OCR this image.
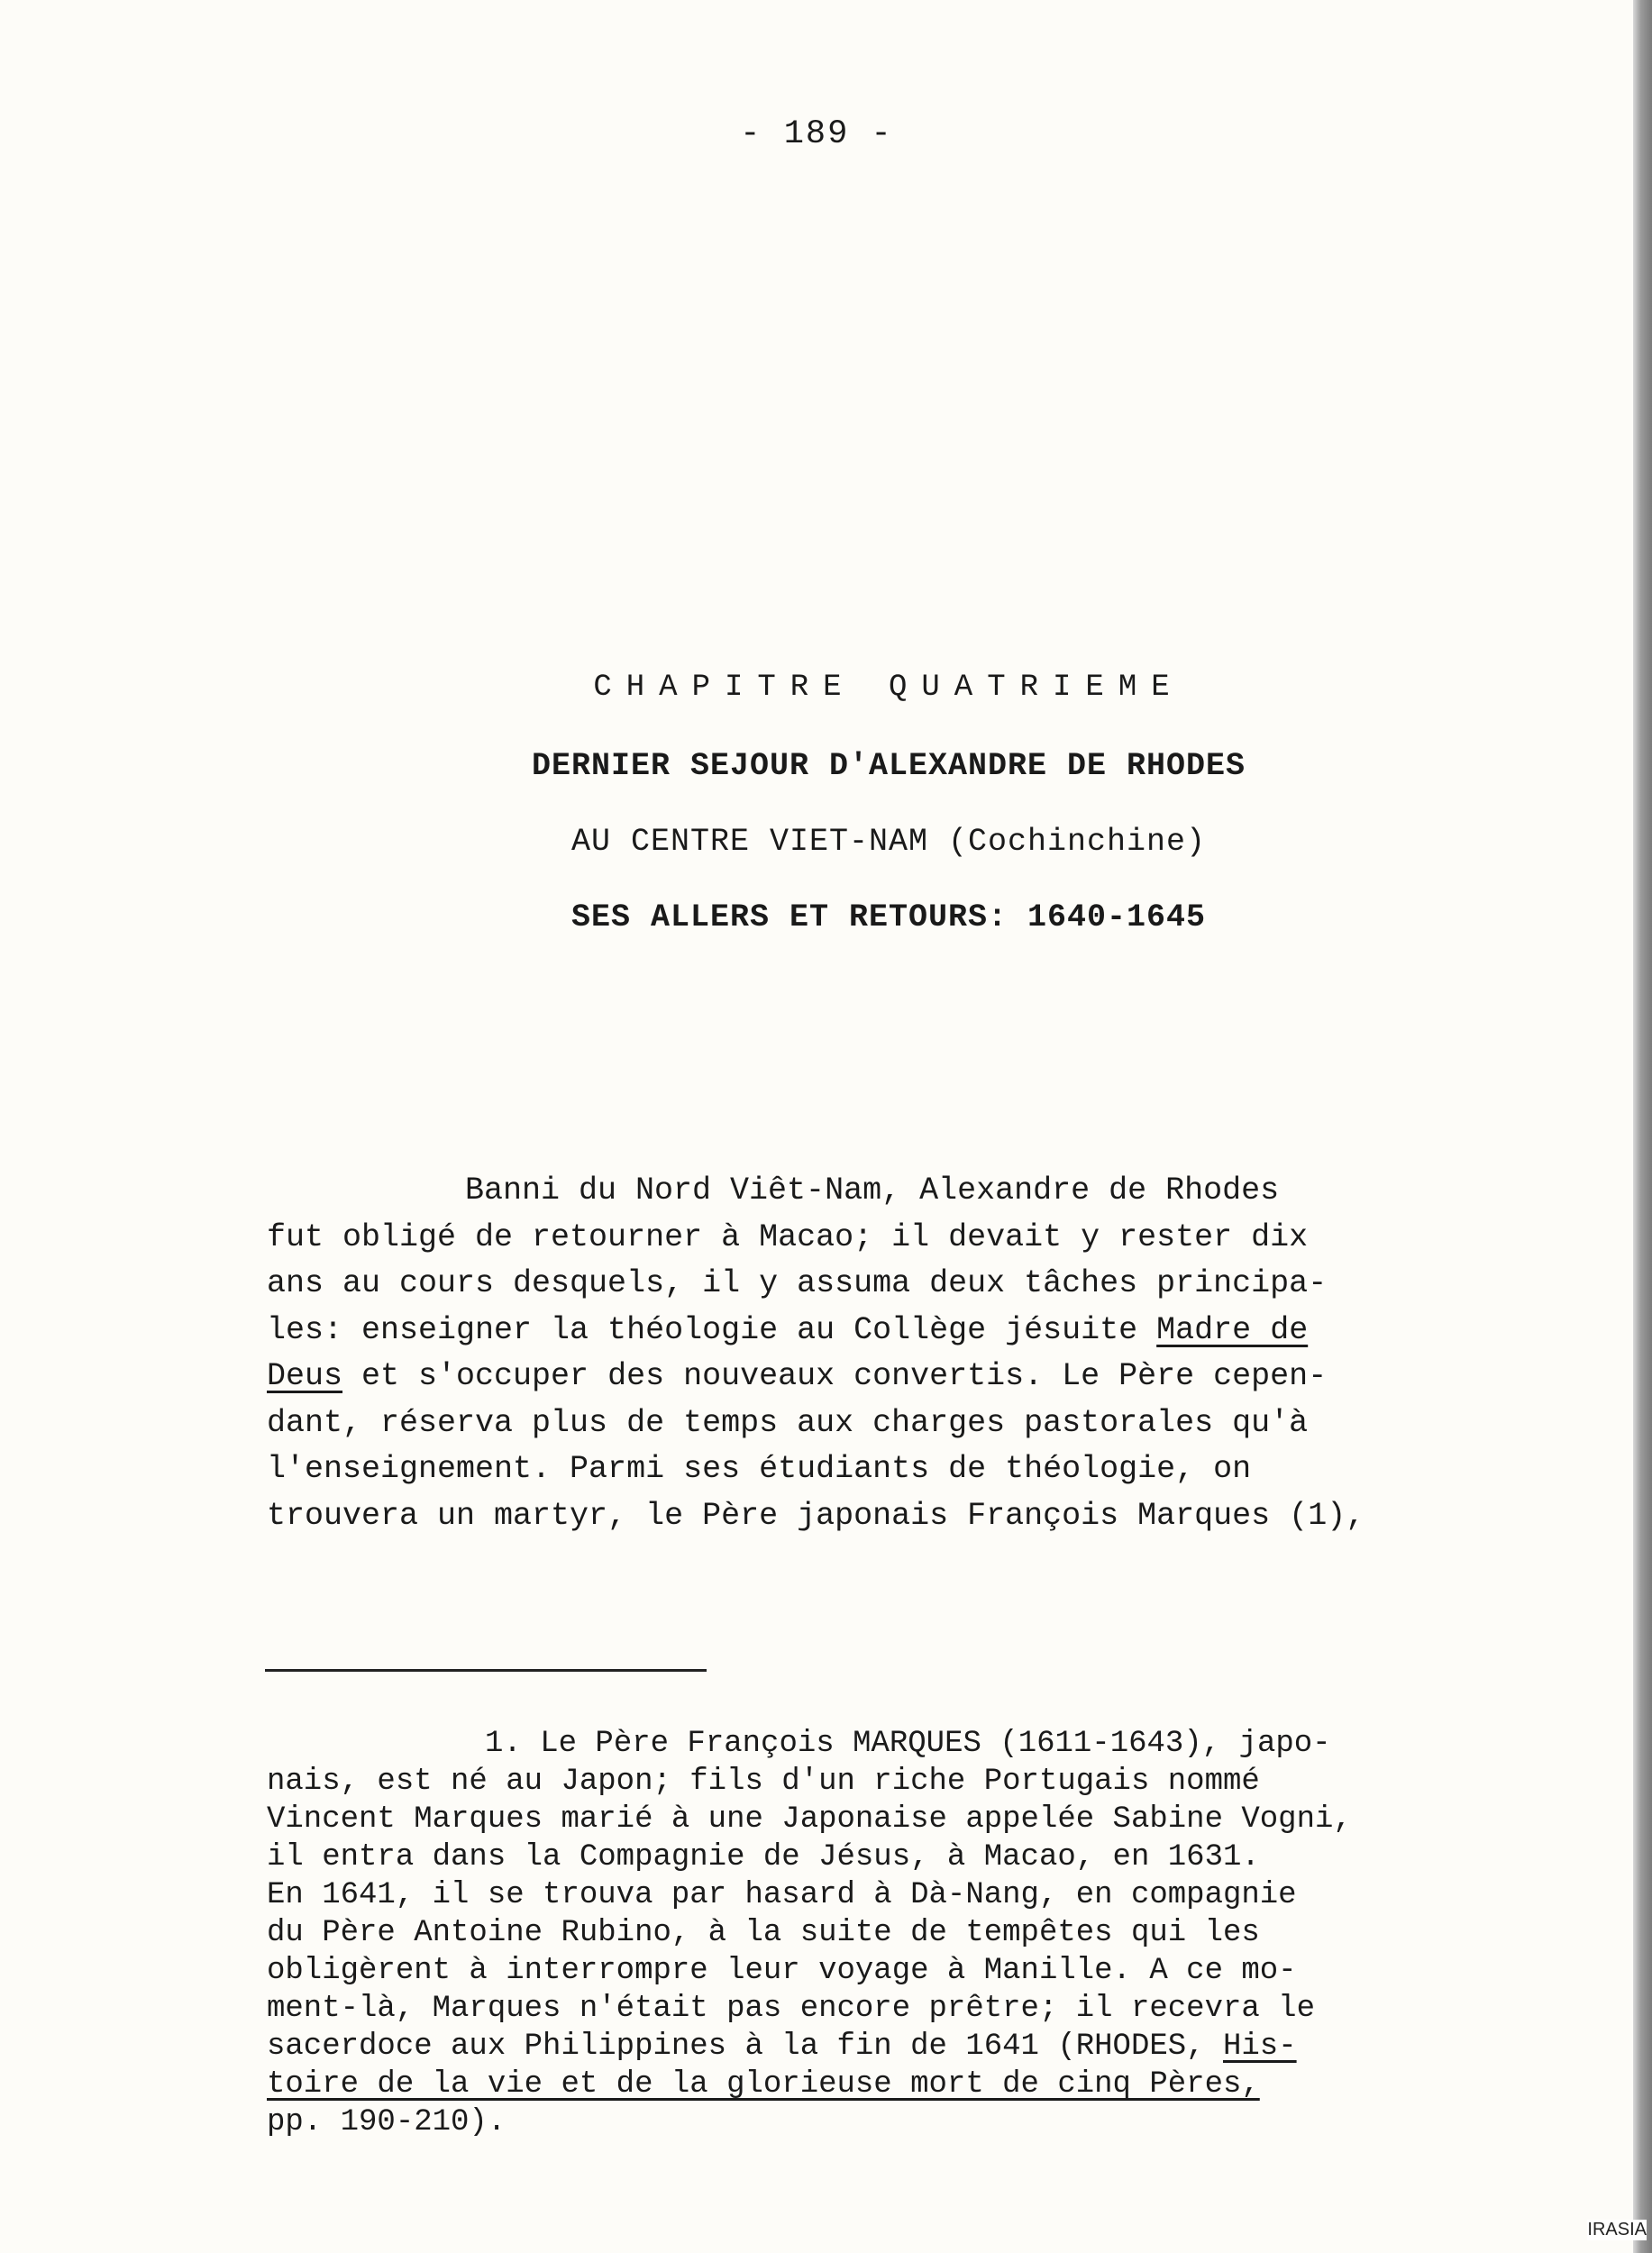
- 189 -
CHAPITRE QUATRIEME
DERNIER SEJOUR D'ALEXANDRE DE RHODES
AU CENTRE VIET-NAM (Cochinchine)
SES ALLERS ET RETOURS: 1640-1645
Banni du Nord Viêt-Nam, Alexandre de Rhodes
fut obligé de retourner à Macao; il devait y rester dix
ans au cours desquels, il y assuma deux tâches principa-
les: enseigner la théologie au Collège jésuite Madre de
Deus et s'occuper des nouveaux convertis. Le Père cepen-
dant, réserva plus de temps aux charges pastorales qu'à
l'enseignement. Parmi ses étudiants de théologie, on
trouvera un martyr, le Père japonais François Marques (1),
1. Le Père François MARQUES (1611-1643), japo-
nais, est né au Japon; fils d'un riche Portugais nommé
Vincent Marques marié à une Japonaise appelée Sabine Vogni,
il entra dans la Compagnie de Jésus, à Macao, en 1631.
En 1641, il se trouva par hasard à Dà-Nang, en compagnie
du Père Antoine Rubino, à la suite de tempêtes qui les
obligèrent à interrompre leur voyage à Manille. A ce mo-
ment-là, Marques n'était pas encore prêtre; il recevra le
sacerdoce aux Philippines à la fin de 1641 (RHODES, His-
toire de la vie et de la glorieuse mort de cinq Pères,
pp. 190-210).
IRASIA
